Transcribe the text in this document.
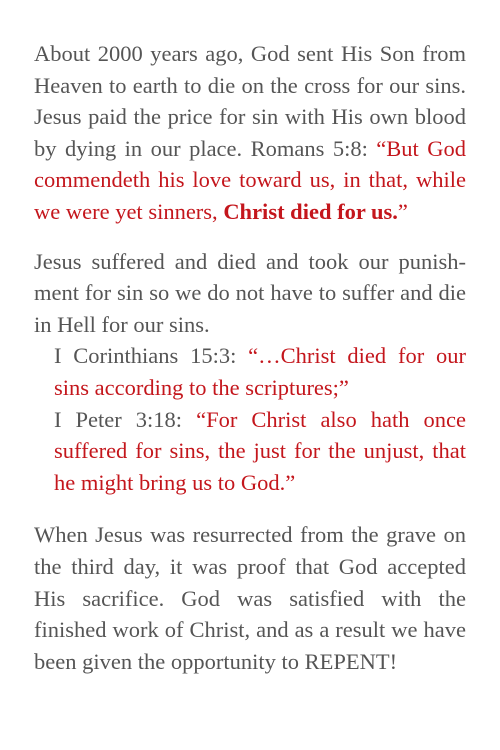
About 2000 years ago, God sent His Son from Heaven to earth to die on the cross for our sins. Jesus paid the price for sin with His own blood by dying in our place. Romans 5:8: “But God commendeth his love toward us, in that, while we were yet sinners, Christ died for us.”

Jesus suffered and died and took our punishment for sin so we do not have to suffer and die in Hell for our sins.

I Corinthians 15:3: “…Christ died for our sins according to the scriptures;”

I Peter 3:18: “For Christ also hath once suffered for sins, the just for the unjust, that he might bring us to God.”

When Jesus was resurrected from the grave on the third day, it was proof that God accepted His sacrifice. God was satisfied with the finished work of Christ, and as a result we have been given the opportunity to REPENT!
